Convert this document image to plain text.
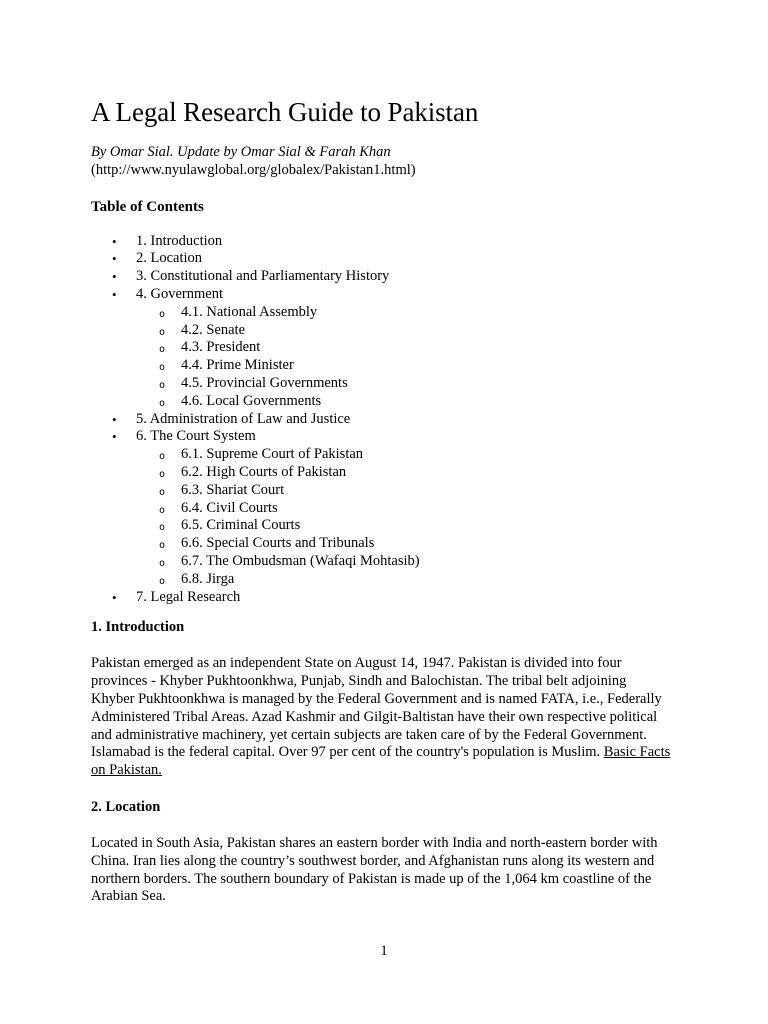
A Legal Research Guide to Pakistan
By Omar Sial. Update by Omar Sial & Farah Khan
(http://www.nyulawglobal.org/globalex/Pakistan1.html)
Table of Contents
• 1. Introduction
• 2. Location
• 3. Constitutional and Parliamentary History
• 4. Government
o 4.1. National Assembly
o 4.2. Senate
o 4.3. President
o 4.4. Prime Minister
o 4.5. Provincial Governments
o 4.6. Local Governments
• 5. Administration of Law and Justice
• 6. The Court System
o 6.1. Supreme Court of Pakistan
o 6.2. High Courts of Pakistan
o 6.3. Shariat Court
o 6.4. Civil Courts
o 6.5. Criminal Courts
o 6.6. Special Courts and Tribunals
o 6.7. The Ombudsman (Wafaqi Mohtasib)
o 6.8. Jirga
• 7. Legal Research
1. Introduction

Pakistan emerged as an independent State on August 14, 1947. Pakistan is divided into four provinces - Khyber Pukhtoonkhwa, Punjab, Sindh and Balochistan. The tribal belt adjoining Khyber Pukhtoonkhwa is managed by the Federal Government and is named FATA, i.e., Federally Administered Tribal Areas. Azad Kashmir and Gilgit-Baltistan have their own respective political and administrative machinery, yet certain subjects are taken care of by the Federal Government. Islamabad is the federal capital. Over 97 per cent of the country's population is Muslim. Basic Facts on Pakistan.

2. Location

Located in South Asia, Pakistan shares an eastern border with India and north-eastern border with China. Iran lies along the country’s southwest border, and Afghanistan runs along its western and northern borders. The southern boundary of Pakistan is made up of the 1,064 km coastline of the Arabian Sea.

1
